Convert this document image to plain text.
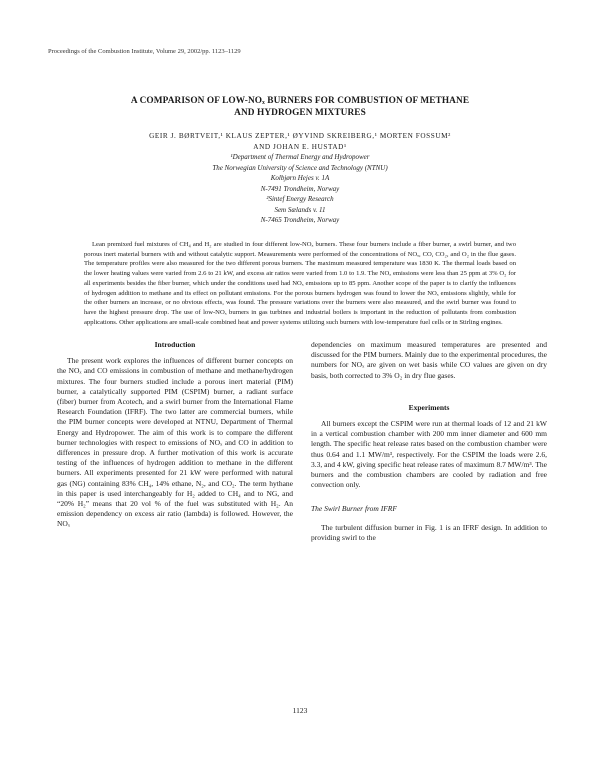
Proceedings of the Combustion Institute, Volume 29, 2002/pp. 1123–1129
A COMPARISON OF LOW-NOₓ BURNERS FOR COMBUSTION OF METHANE
AND HYDROGEN MIXTURES
GEIR J. BØRTVEIT,¹ KLAUS ZEPTER,¹ ØYVIND SKREIBERG,¹ MORTEN FOSSUM²
AND JOHAN E. HUSTAD¹
¹Department of Thermal Energy and Hydropower
The Norwegian University of Science and Technology (NTNU)
Kolbjørn Hejes v. 1A
N-7491 Trondheim, Norway
²Sintef Energy Research
Sem Sælands v. 11
N-7465 Trondheim, Norway

Lean premixed fuel mixtures of CH₄ and H₂ are studied in four different low-NOₓ burners. These four burners include a fiber burner, a swirl burner, and two porous inert material burners with and without catalytic support. Measurements were performed of the concentrations of NOₓ, CO, CO₂, and O₂ in the flue gases. The temperature profiles were also measured for the two different porous burners. The maximum measured temperature was 1830 K. The thermal loads based on the lower heating values were varied from 2.6 to 21 kW, and excess air ratios were varied from 1.0 to 1.9. The NOₓ emissions were less than 25 ppm at 3% O₂ for all experiments besides the fiber burner, which under the conditions used had NOₓ emissions up to 85 ppm. Another scope of the paper is to clarify the influences of hydrogen addition to methane and its effect on pollutant emissions. For the porous burners hydrogen was found to lower the NOₓ emissions slightly, while for the other burners an increase, or no obvious effects, was found. The pressure variations over the burners were also measured, and the swirl burner was found to have the highest pressure drop. The use of low-NOₓ burners in gas turbines and industrial boilers is important in the reduction of pollutants from combustion applications. Other applications are small-scale combined heat and power systems utilizing such burners with low-temperature fuel cells or in Stirling engines.

Introduction

The present work explores the influences of different burner concepts on the NOₓ and CO emissions in combustion of methane and methane/hydrogen mixtures. The four burners studied include a porous inert material (PIM) burner, a catalytically supported PIM (CSPIM) burner, a radiant surface (fiber) burner from Acotech, and a swirl burner from the International Flame Research Foundation (IFRF). The two latter are commercial burners, while the PIM burner concepts were developed at NTNU, Department of Thermal Energy and Hydropower. The aim of this work is to compare the different burner technologies with respect to emissions of NOₓ and CO in addition to differences in pressure drop. A further motivation of this work is accurate testing of the influences of hydrogen addition to methane in the different burners. All experiments presented for 21 kW were performed with natural gas (NG) containing 83% CH₄, 14% ethane, N₂, and CO₂. The term hythane in this paper is used interchangeably for H₂ added to CH₄ and to NG, and “20% H₂” means that 20 vol % of the fuel was substituted with H₂. An emission dependency on excess air ratio (lambda) is followed. However, the NOₓ

dependencies on maximum measured temperatures are presented and discussed for the PIM burners. Mainly due to the experimental procedures, the numbers for NOₓ are given on wet basis while CO values are given on dry basis, both corrected to 3% O₂ in dry flue gases.

Experiments

All burners except the CSPIM were run at thermal loads of 12 and 21 kW in a vertical combustion chamber with 200 mm inner diameter and 600 mm length. The specific heat release rates based on the combustion chamber were thus 0.64 and 1.1 MW/m³, respectively. For the CSPIM the loads were 2.6, 3.3, and 4 kW, giving specific heat release rates of maximum 8.7 MW/m³. The burners and the combustion chambers are cooled by radiation and free convection only.

The Swirl Burner from IFRF

The turbulent diffusion burner in Fig. 1 is an IFRF design. In addition to providing swirl to the

1123
